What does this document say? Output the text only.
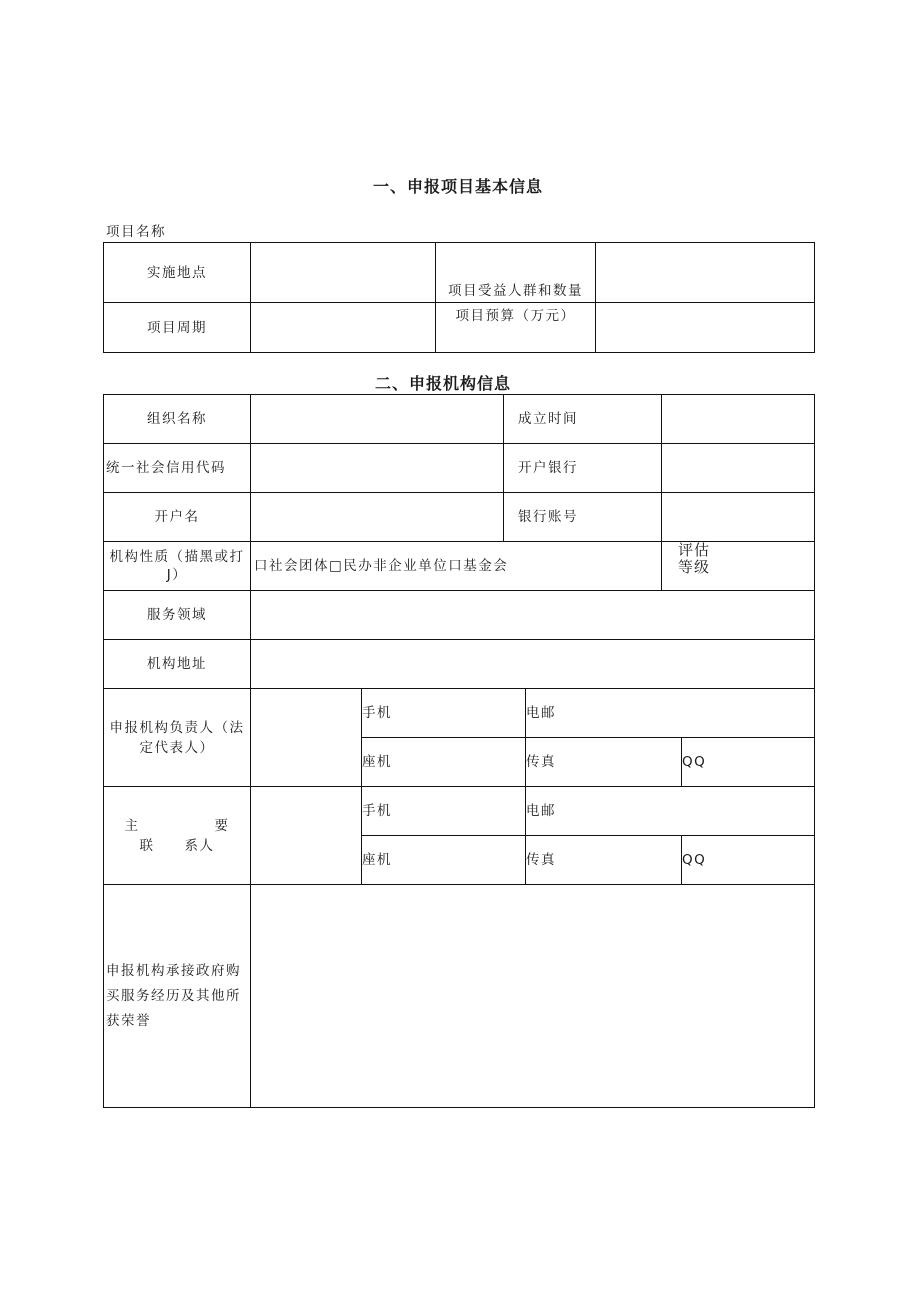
一、申报项目基本信息
项目名称
实施地点		项目受益人群和数量	
项目周期		项目预算（万元）	
二、申报机构信息
组织名称		成立时间	
统一社会信用代码		开户银行	
开户名		银行账号	
机构性质（描黑或打J）	口社会团体□民办非企业单位口基金会		评估
等级

服务领域			
机构地址			
申报机构负责人（法定代表人）		手机	电邮	
		座机	传真	QQ

主　　　　　要
联　　系人		手机	电邮	
		座机	传真	QQ
申报机构承接政府购买服务经历及其他所获荣誉	
